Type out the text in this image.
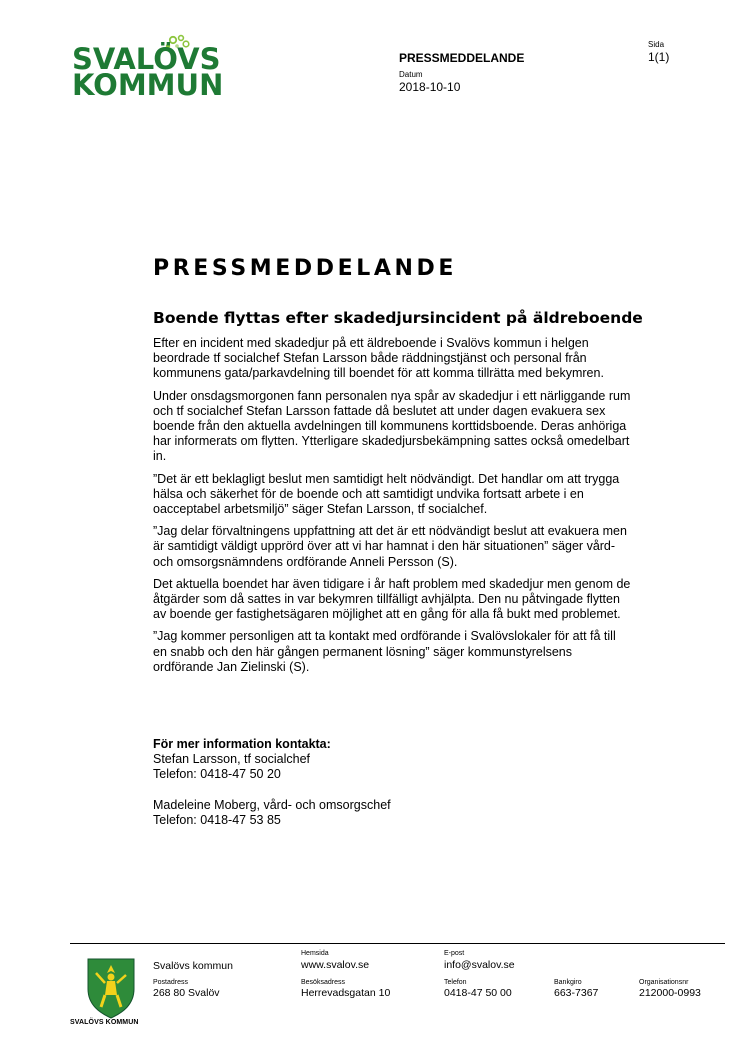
SVALÖVS
KOMMUN
PRESSMEDDELANDE
Datum
2018-10-10
Sida
1(1)
PRESSMEDDELANDE
Boende flyttas efter skadedjursincident på äldreboende

Efter en incident med skadedjur på ett äldreboende i Svalövs kommun i helgen beordrade tf socialchef Stefan Larsson både räddningstjänst och personal från kommunens gata/parkavdelning till boendet för att komma tillrätta med bekymren.

Under onsdagsmorgonen fann personalen nya spår av skadedjur i ett närliggande rum och tf socialchef Stefan Larsson fattade då beslutet att under dagen evakuera sex boende från den aktuella avdelningen till kommunens korttidsboende. Deras anhöriga har informerats om flytten. Ytterligare skadedjursbekämpning sattes också omedelbart in.

”Det är ett beklagligt beslut men samtidigt helt nödvändigt. Det handlar om att trygga hälsa och säkerhet för de boende och att samtidigt undvika fortsatt arbete i en oacceptabel arbetsmiljö” säger Stefan Larsson, tf socialchef.

”Jag delar förvaltningens uppfattning att det är ett nödvändigt beslut att evakuera men är samtidigt väldigt upprörd över att vi har hamnat i den här situationen” säger vård- och omsorgsnämndens ordförande Anneli Persson (S).

Det aktuella boendet har även tidigare i år haft problem med skadedjur men genom de åtgärder som då sattes in var bekymren tillfälligt avhjälpta. Den nu påtvingade flytten av boende ger fastighetsägaren möjlighet att en gång för alla få bukt med problemet.

”Jag kommer personligen att ta kontakt med ordförande i Svalövslokaler för att få till en snabb och den här gången permanent lösning” säger kommunstyrelsens ordförande Jan Zielinski (S).

För mer information kontakta:
Stefan Larsson, tf socialchef
Telefon: 0418-47 50 20
Madeleine Moberg, vård- och omsorgschef
Telefon: 0418-47 53 85
SVALÖVS KOMMUN
Svalövs kommun
Hemsida
www.svalov.se
E-post
info@svalov.se
Postadress
268 80 Svalöv
Besöksadress
Herrevadsgatan 10
Telefon
0418-47 50 00
Bankgiro
663-7367
Organisationsnr
212000-0993
